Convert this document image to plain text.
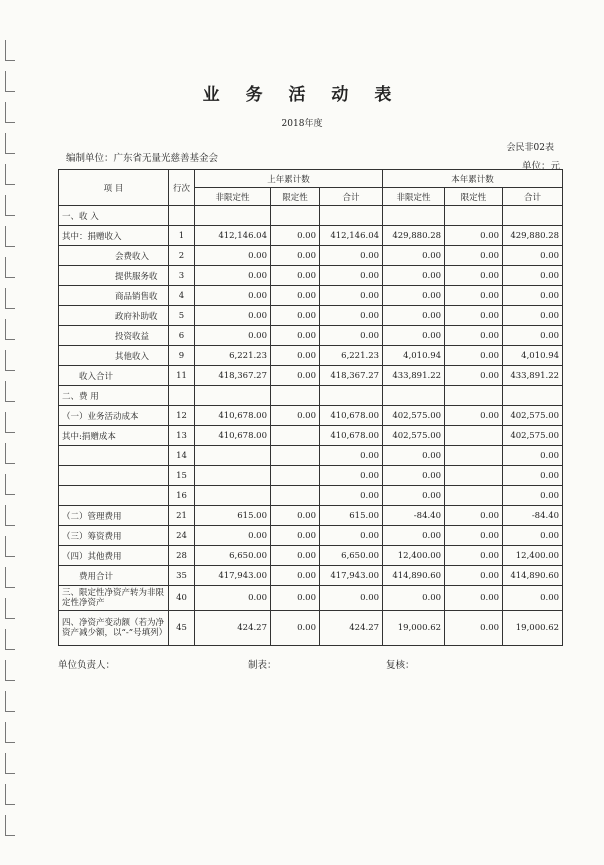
业 务 活 动 表
2018年度
会民非02表
编制单位：广东省无量光慈善基金会
单位：元
项 目	行次	上年累计数			本年累计数		
		非限定性	限定性	合计	非限定性	限定性	合计
一、收 入							
其中：捐赠收入	1	412,146.04	0.00	412,146.04	429,880.28	0.00	429,880.28
会费收入	2	0.00	0.00	0.00	0.00	0.00	0.00
提供服务收	3	0.00	0.00	0.00	0.00	0.00	0.00
商品销售收	4	0.00	0.00	0.00	0.00	0.00	0.00
政府补助收	5	0.00	0.00	0.00	0.00	0.00	0.00
投资收益	6	0.00	0.00	0.00	0.00	0.00	0.00
其他收入	9	6,221.23	0.00	6,221.23	4,010.94	0.00	4,010.94
收入合计	11	418,367.27	0.00	418,367.27	433,891.22	0.00	433,891.22
二、费 用							
（一）业务活动成本	12	410,678.00	0.00	410,678.00	402,575.00	0.00	402,575.00
其中:捐赠成本	13	410,678.00		410,678.00	402,575.00		402,575.00
	14			0.00	0.00		0.00
	15			0.00	0.00		0.00
	16			0.00	0.00		0.00
（二）管理费用	21	615.00	0.00	615.00	-84.40	0.00	-84.40
（三）筹资费用	24	0.00	0.00	0.00	0.00	0.00	0.00
（四）其他费用	28	6,650.00	0.00	6,650.00	12,400.00	0.00	12,400.00
费用合计	35	417,943.00	0.00	417,943.00	414,890.60	0.00	414,890.60
三、限定性净资产转为非限定性净资产	40	0.00	0.00	0.00	0.00	0.00	0.00
四、净资产变动额（若为净资产减少额，以“-”号填列）	45	424.27	0.00	424.27	19,000.62	0.00	19,000.62
单位负责人：	制表：	复核：
